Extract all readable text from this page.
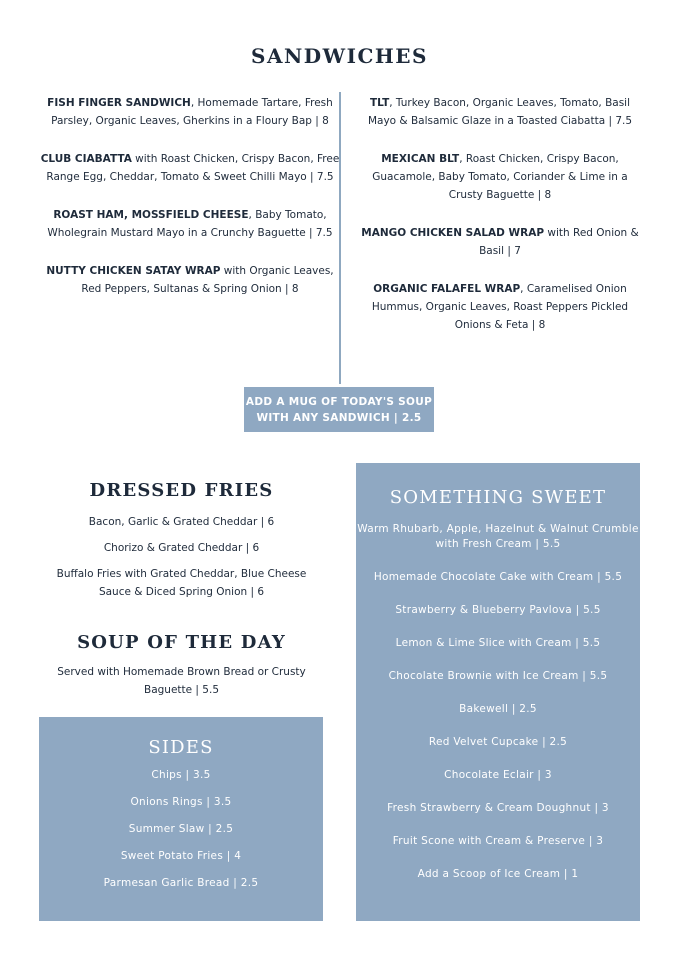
SANDWICHES
FISH FINGER SANDWICH, Homemade Tartare, Fresh Parsley, Organic Leaves, Gherkins in a Floury Bap | 8
CLUB CIABATTA with Roast Chicken, Crispy Bacon, Free Range Egg, Cheddar, Tomato & Sweet Chilli Mayo | 7.5
ROAST HAM, MOSSFIELD CHEESE, Baby Tomato, Wholegrain Mustard Mayo in a Crunchy Baguette | 7.5
NUTTY CHICKEN SATAY WRAP with Organic Leaves, Red Peppers, Sultanas & Spring Onion | 8
TLT, Turkey Bacon, Organic Leaves, Tomato, Basil Mayo & Balsamic Glaze in a Toasted Ciabatta | 7.5
MEXICAN BLT, Roast Chicken, Crispy Bacon, Guacamole, Baby Tomato, Coriander & Lime in a Crusty Baguette | 8
MANGO CHICKEN SALAD WRAP with Red Onion & Basil | 7
ORGANIC FALAFEL WRAP, Caramelised Onion Hummus, Organic Leaves, Roast Peppers Pickled Onions & Feta | 8
ADD A MUG OF TODAY'S SOUP
WITH ANY SANDWICH | 2.5
DRESSED FRIES
Bacon, Garlic & Grated Cheddar | 6
Chorizo & Grated Cheddar | 6
Buffalo Fries with Grated Cheddar, Blue Cheese Sauce & Diced Spring Onion | 6
SOUP OF THE DAY
Served with Homemade Brown Bread or Crusty Baguette | 5.5
SIDES
Chips | 3.5
Onions Rings | 3.5
Summer Slaw | 2.5
Sweet Potato Fries | 4
Parmesan Garlic Bread | 2.5
SOMETHING SWEET
Warm Rhubarb, Apple, Hazelnut & Walnut Crumble with Fresh Cream | 5.5
Homemade Chocolate Cake with Cream | 5.5
Strawberry & Blueberry Pavlova | 5.5
Lemon & Lime Slice with Cream | 5.5
Chocolate Brownie with Ice Cream | 5.5
Bakewell | 2.5
Red Velvet Cupcake | 2.5
Chocolate Eclair | 3
Fresh Strawberry & Cream Doughnut | 3
Fruit Scone with Cream & Preserve | 3
Add a Scoop of Ice Cream | 1
